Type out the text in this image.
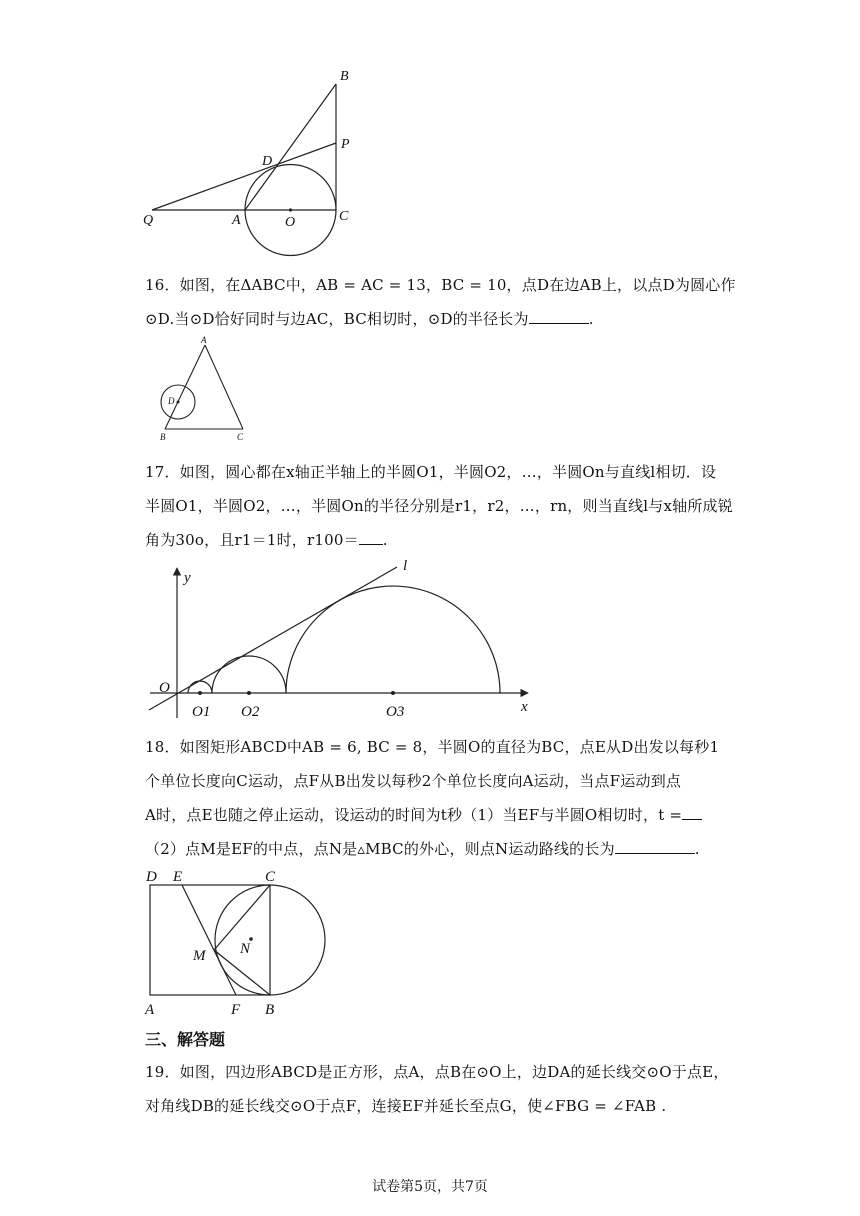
B
P
D
Q	A	O	C
16．如图，在ΔABC中，AB = AC = 13，BC = 10，点D在边AB上，以点D为圆心作
⊙D.当⊙D恰好同时与边AC，BC相切时，⊙D的半径长为	.
A
D
B	C
17．如图，圆心都在x轴正半轴上的半圆O1，半圆O2，…，半圆On与直线l相切．设
半圆O1，半圆O2，…，半圆On的半径分别是r1，r2，…，rn，则当直线l与x轴所成锐
角为30o，且r1＝1时，r100＝ .
y
l
O
O1 O2	O3	x
18．如图矩形ABCD中AB = 6, BC = 8，半圆O的直径为BC，点E从D出发以每秒1
个单位长度向C运动，点F从B出发以每秒2个单位长度向A运动，当点F运动到点
A时，点E也随之停止运动，设运动的时间为t秒（1）当EF与半圆O相切时，t =
（2）点M是EF的中点，点N是▵MBC的外心，则点N运动路线的长为	.
D E	C
N
M
A	F B
三、解答题
19．如图，四边形ABCD是正方形，点A，点B在⊙O上，边DA的延长线交⊙O于点E，
对角线DB的延长线交⊙O于点F，连接EF并延长至点G，使∠FBG = ∠FAB .
试卷第5页，共7页
